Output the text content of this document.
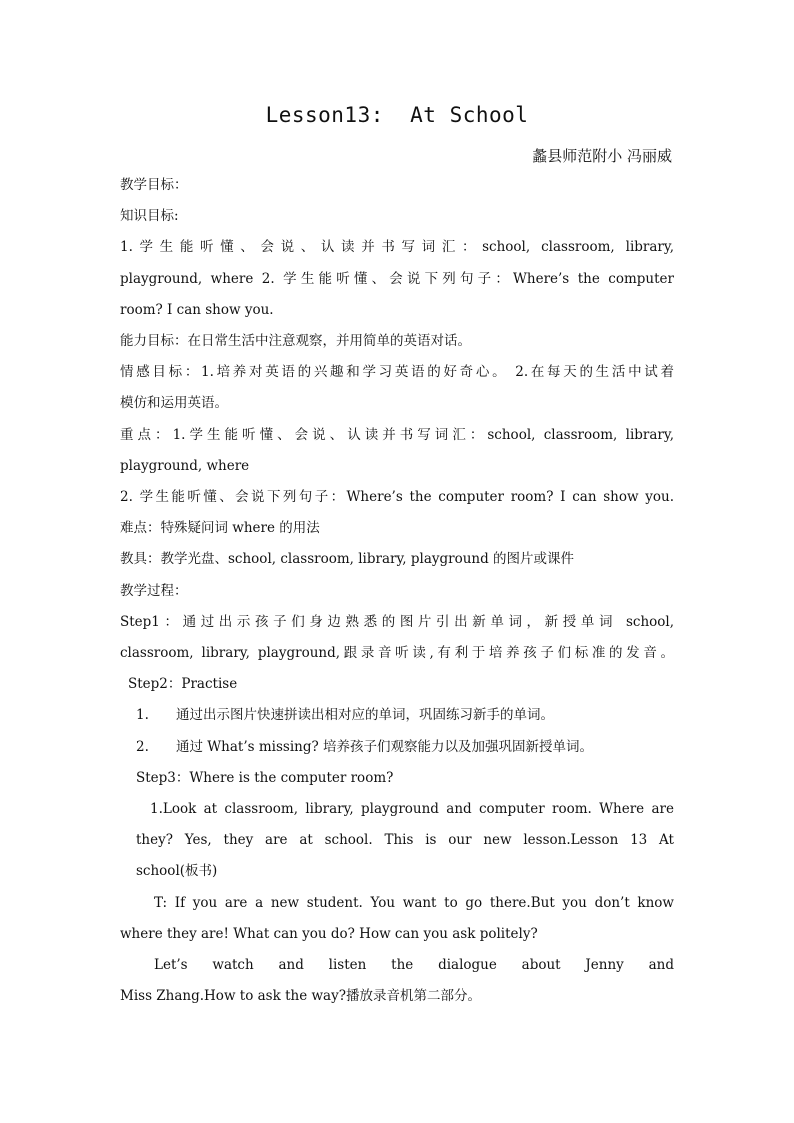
Lesson13:  At School
蠡县师范附小 冯丽威
教学目标：
知识目标:
1.学生能听懂、会说、认读并书写词汇：school, classroom, library,
playground, where 2. 学生能听懂、会说下列句子：Where’s the computer
room? I can show you.
能力目标：在日常生活中注意观察，并用简单的英语对话。
情感目标：1.培养对英语的兴趣和学习英语的好奇心。 2.在每天的生活中试着
模仿和运用英语。
重点：1.学生能听懂、会说、认读并书写词汇：school, classroom, library,
playground, where
2. 学生能听懂、会说下列句子：Where’s the computer room? I can show you.
难点：特殊疑问词 where 的用法
教具：教学光盘、school, classroom, library, playground 的图片或课件
教学过程：
Step1：通过出示孩子们身边熟悉的图片引出新单词，新授单词 school,
classroom, library, playground,跟录音听读,有利于培养孩子们标准的发音。
Step2：Practise
1. 通过出示图片快速拼读出相对应的单词，巩固练习新手的单词。
2. 通过 What’s missing? 培养孩子们观察能力以及加强巩固新授单词。
Step3：Where is the computer room?
1.Look at classroom, library, playground and computer room. Where are
they? Yes, they are at school. This is our new lesson.Lesson 13 At
school(板书)
T: If you are a new student. You want to go there.But you don’t know
where they are! What can you do? How can you ask politely?
Let’s watch and listen the dialogue about Jenny and
Miss Zhang.How to ask the way?播放录音机第二部分。
